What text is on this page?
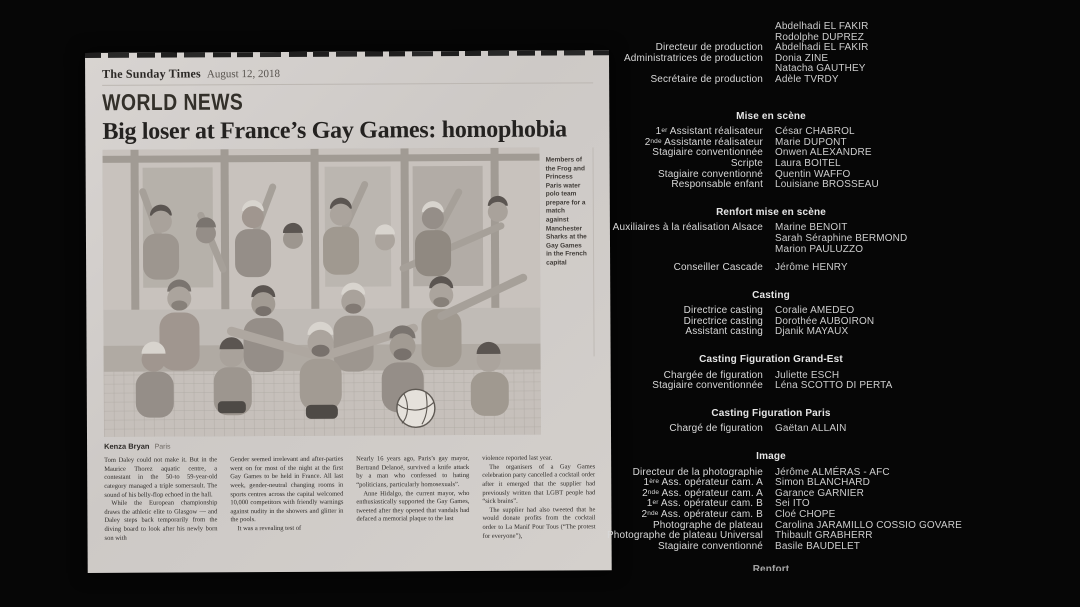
The Sunday Times August 12, 2018
WORLD NEWS
Big loser at France’s Gay Games: homophobia
Members of the Frog and Princess Paris water polo team prepare for a match against Manchester Sharks at the Gay Games in the French capital
Kenza Bryan Paris

Tom Daley could not make it. But in the Maurice Thorez aquatic centre, a contestant in the 50-to 59-year-old category managed a triple somersault. The sound of his belly-flop echoed in the hall.

While the European championship draws the athletic elite to Glasgow — and Daley steps back temporarily from the diving board to look after his newly born son with

Gender seemed irrelevant and after-parties went on for most of the night at the first Gay Games to be held in France. All last week, gender-neutral changing rooms in sports centres across the capital welcomed 10,000 competitors with friendly warnings against nudity in the showers and glitter in the pools.

It was a revealing test of

Nearly 16 years ago, Paris’s gay mayor, Bertrand Delanoë, survived a knife attack by a man who confessed to hating “politicians, particularly homosexuals”.

Anne Hidalgo, the current mayor, who enthusiastically supported the Gay Games, tweeted after they opened that vandals had defaced a memorial plaque to the last

violence reported last year.

The organisers of a Gay Games celebration party cancelled a cocktail order after it emerged that the supplier had previously written that LGBT people had “sick brains”.

The supplier had also tweeted that he would donate profits from the cocktail order to La Manif Pour Tous (“The protest for everyone”),

Abdelhadi EL FAKIR
Rodolphe DUPREZ
Directeur de production Abdelhadi EL FAKIR
Administratrices de production Donia ZINE
Natacha GAUTHEY
Secrétaire de production Adèle TVRDY
Mise en scène
1er Assistant réalisateur César CHABROL
2nde Assistante réalisateur Marie DUPONT
Stagiaire conventionnée Onwen ALEXANDRE
Scripte Laura BOITEL
Stagiaire conventionné Quentin WAFFO
Responsable enfant Louisiane BROSSEAU
Renfort mise en scène
Auxiliaires à la réalisation Alsace Marine BENOIT
Sarah Séraphine BERMOND
Marion PAULUZZO
Conseiller Cascade Jérôme HENRY
Casting
Directrice casting Coralie AMEDEO
Directrice casting Dorothée AUBOIRON
Assistant casting Djanik MAYAUX
Casting Figuration Grand-Est
Chargée de figuration Juliette ESCH
Stagiaire conventionnée Léna SCOTTO DI PERTA
Casting Figuration Paris
Chargé de figuration Gaëtan ALLAIN
Image
Directeur de la photographie Jérôme ALMÉRAS - AFC
1ère Ass. opérateur cam. A Simon BLANCHARD
2nde Ass. opérateur cam. A Garance GARNIER
1er Ass. opérateur cam. B Sei ITO
2nde Ass. opérateur cam. B Cloé CHOPE
Photographe de plateau Carolina JARAMILLO COSSIO GOVARE
Photographe de plateau Universal Thibault GRABHERR
Stagiaire conventionné Basile BAUDELET
Renfort
